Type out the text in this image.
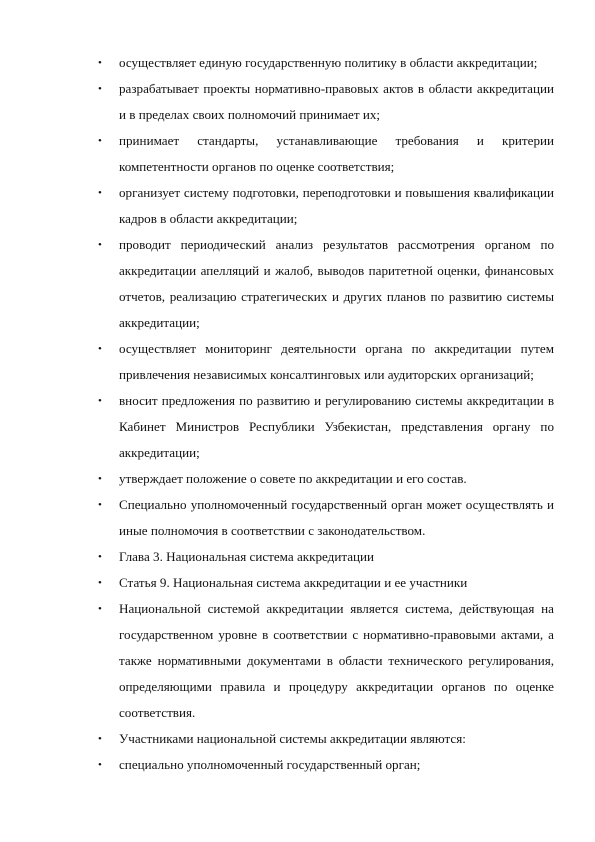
•	осуществляет единую государственную политику в области аккредитации;
•	разрабатывает проекты нормативно-правовых актов в области аккредитации и в пределах своих полномочий принимает их;
•	принимает стандарты, устанавливающие требования и критерии компетентности органов по оценке соответствия;
•	организует систему подготовки, переподготовки и повышения квалификации кадров в области аккредитации;
•	проводит периодический анализ результатов рассмотрения органом по аккредитации апелляций и жалоб, выводов паритетной оценки, финансовых отчетов, реализацию стратегических и других планов по развитию системы аккредитации;
•	осуществляет мониторинг деятельности органа по аккредитации путем привлечения независимых консалтинговых или аудиторских организаций;
•	вносит предложения по развитию и регулированию системы аккредитации в Кабинет Министров Республики Узбекистан, представления органу по аккредитации;
•	утверждает положение о совете по аккредитации и его состав.
•	Специально уполномоченный государственный орган может осуществлять и иные полномочия в соответствии с законодательством.
•	Глава 3. Национальная система аккредитации
•	Статья 9. Национальная система аккредитации и ее участники
•	Национальной системой аккредитации является система, действующая на государственном уровне в соответствии с нормативно-правовыми актами, а также нормативными документами в области технического регулирования, определяющими правила и процедуру аккредитации органов по оценке соответствия.
•	Участниками национальной системы аккредитации являются:
•	специально уполномоченный государственный орган;
